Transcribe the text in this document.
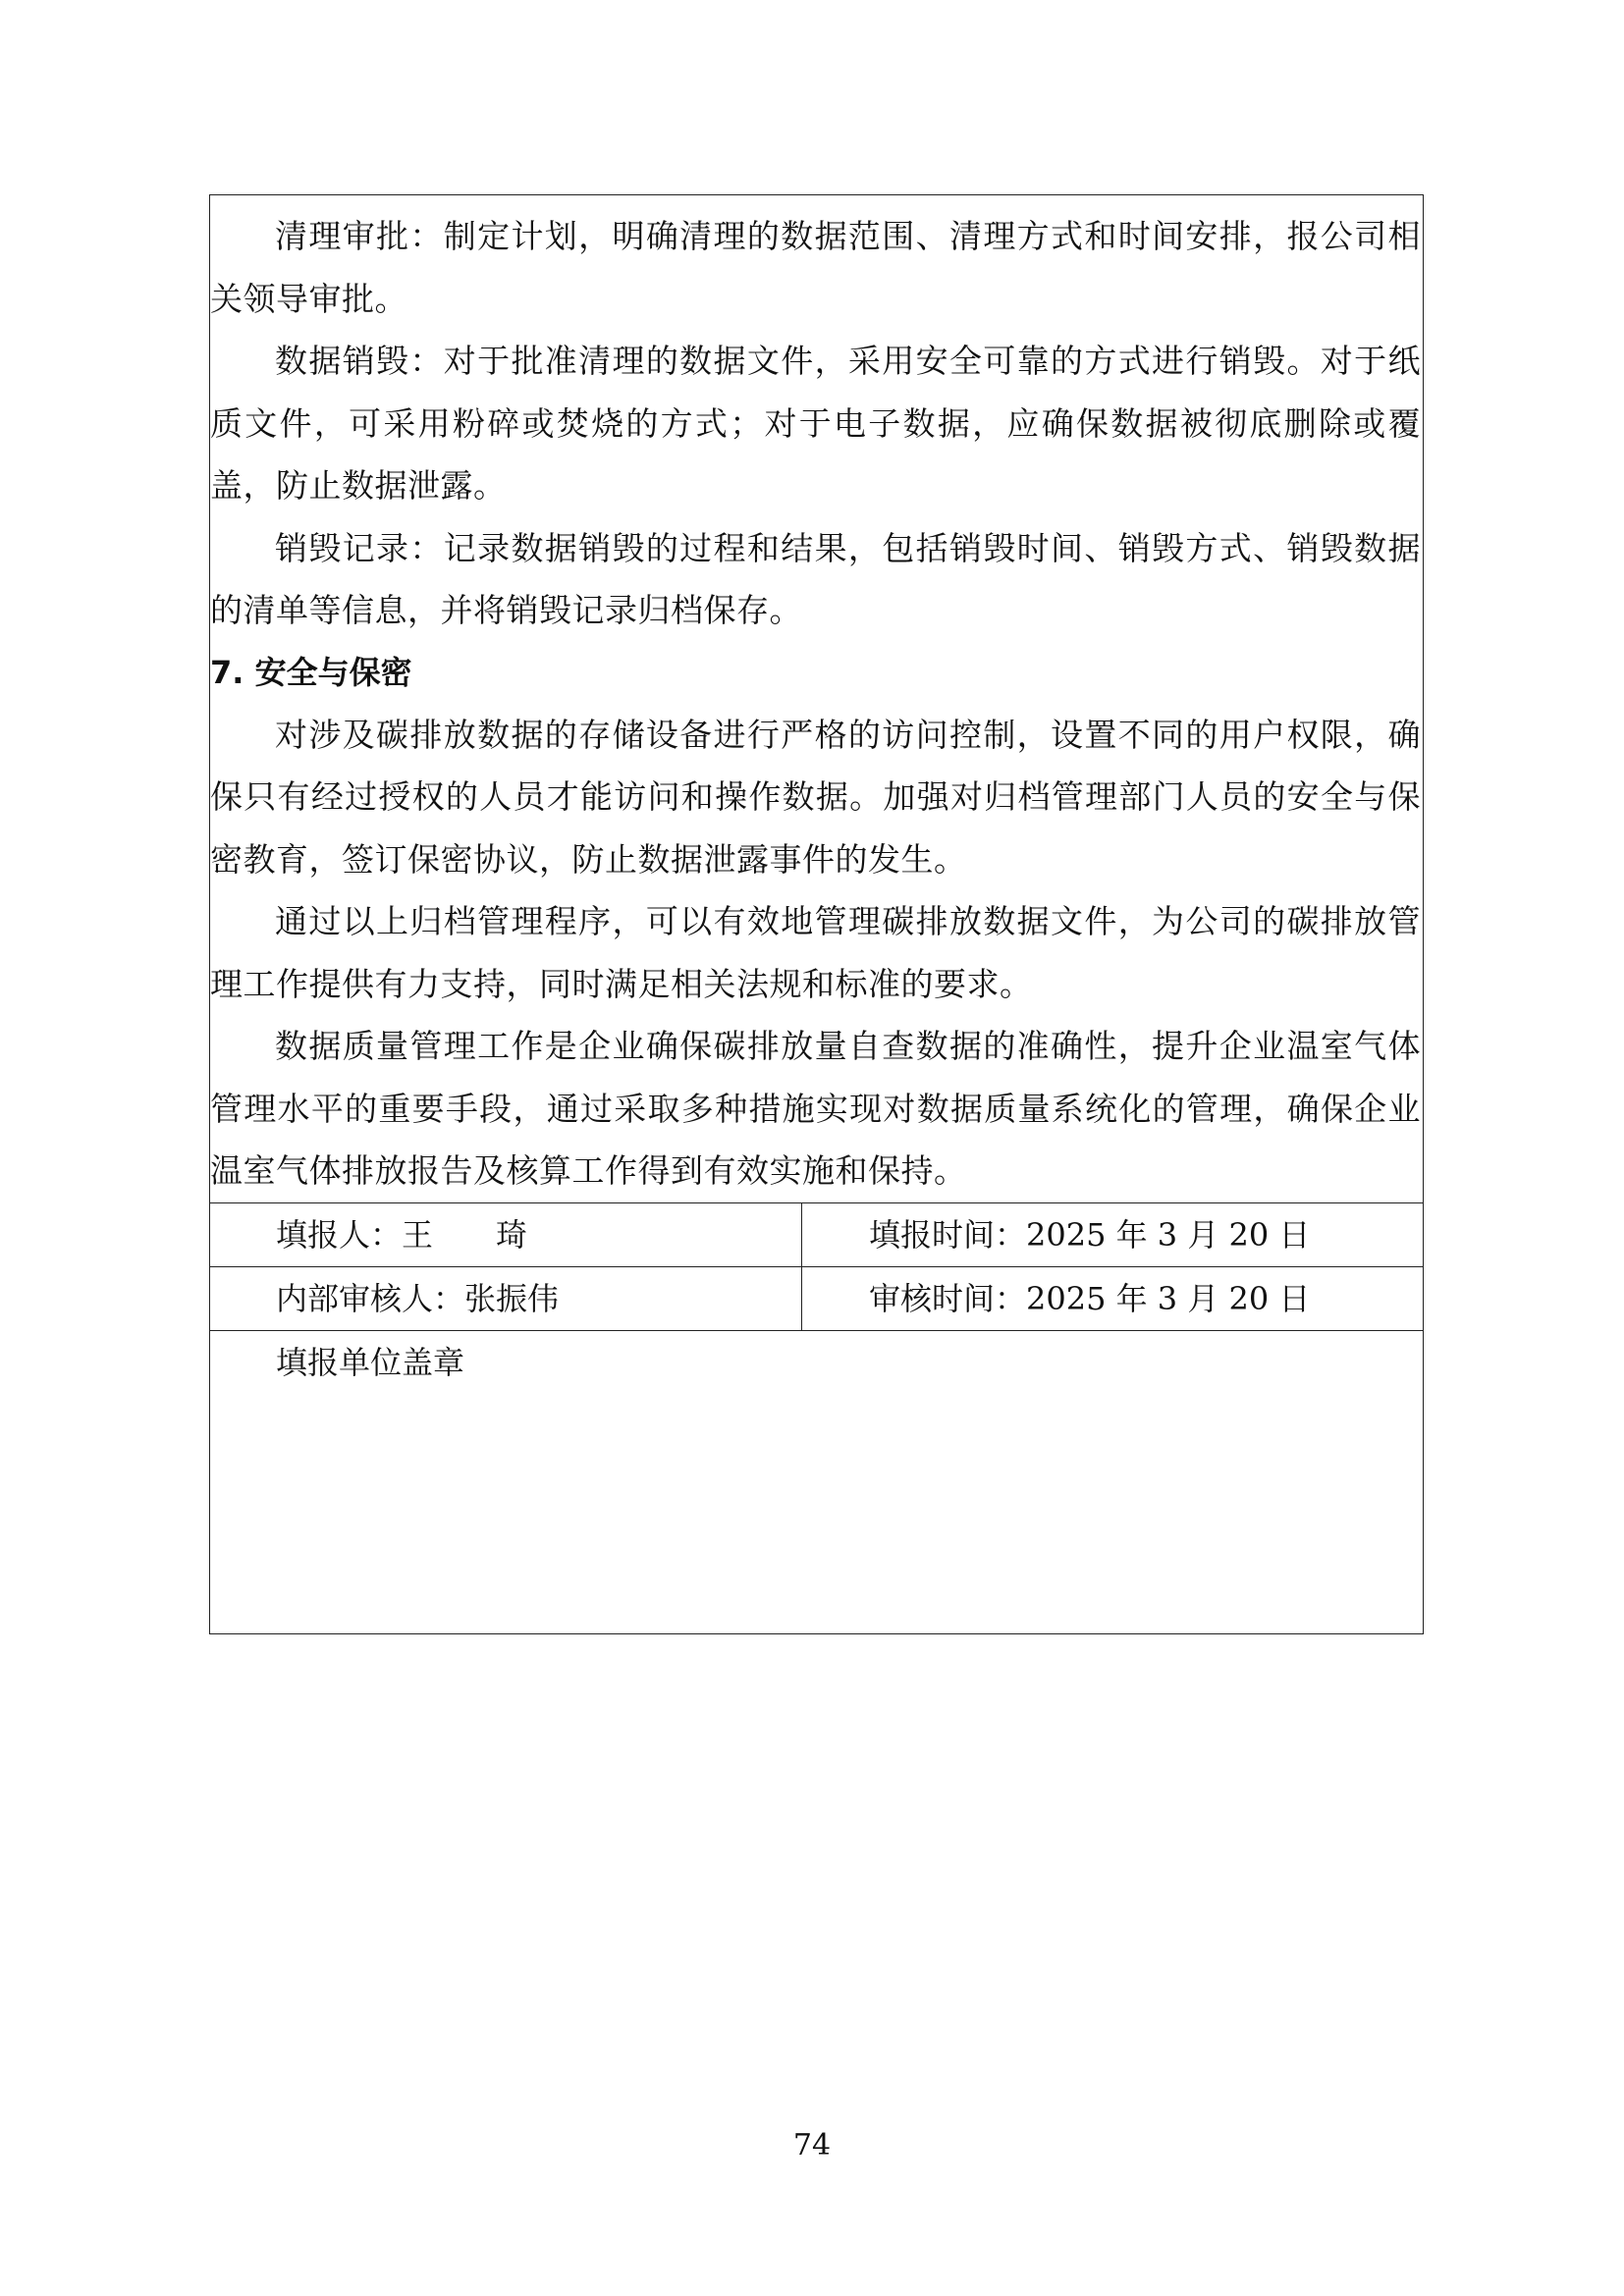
清理审批：制定计划，明确清理的数据范围、清理方式和时间安排，报公司相关领导审批。

数据销毁：对于批准清理的数据文件，采用安全可靠的方式进行销毁。对于纸质文件，可采用粉碎或焚烧的方式；对于电子数据，应确保数据被彻底删除或覆盖，防止数据泄露。

销毁记录：记录数据销毁的过程和结果，包括销毁时间、销毁方式、销毁数据的清单等信息，并将销毁记录归档保存。

7. 安全与保密

对涉及碳排放数据的存储设备进行严格的访问控制，设置不同的用户权限，确保只有经过授权的人员才能访问和操作数据。加强对归档管理部门人员的安全与保密教育，签订保密协议，防止数据泄露事件的发生。

通过以上归档管理程序，可以有效地管理碳排放数据文件，为公司的碳排放管理工作提供有力支持，同时满足相关法规和标准的要求。

数据质量管理工作是企业确保碳排放量自查数据的准确性，提升企业温室气体管理水平的重要手段，通过采取多种措施实现对数据质量系统化的管理，确保企业温室气体排放报告及核算工作得到有效实施和保持。

填报人：王　　琦	填报时间：2025 年 3 月 20 日
内部审核人：张振伟	审核时间：2025 年 3 月 20 日
填报单位盖章
74
